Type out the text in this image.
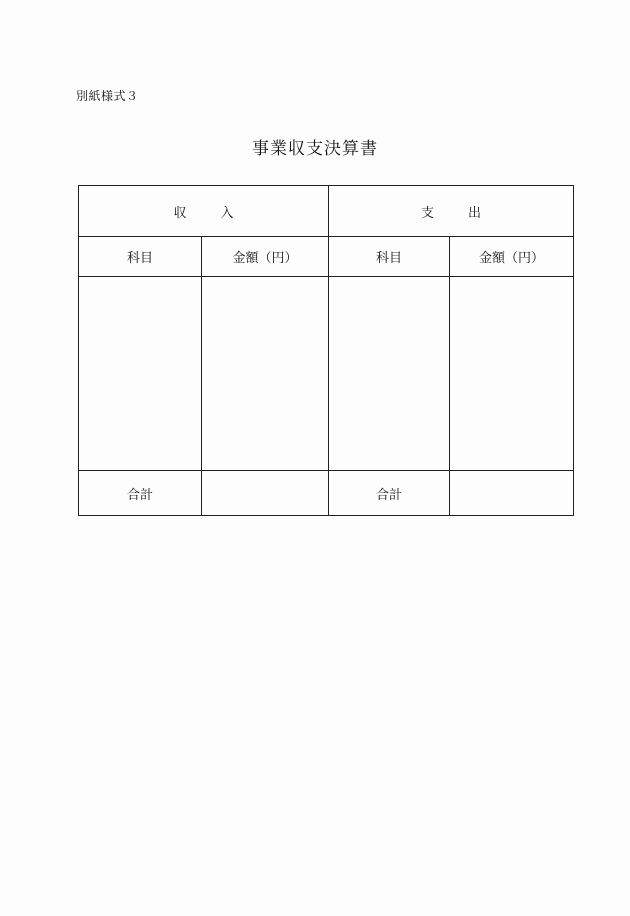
別紙様式３
事業収支決算書
収 入		支 出	
科目	金額（円）	科目	金額（円）

合計		合計	
